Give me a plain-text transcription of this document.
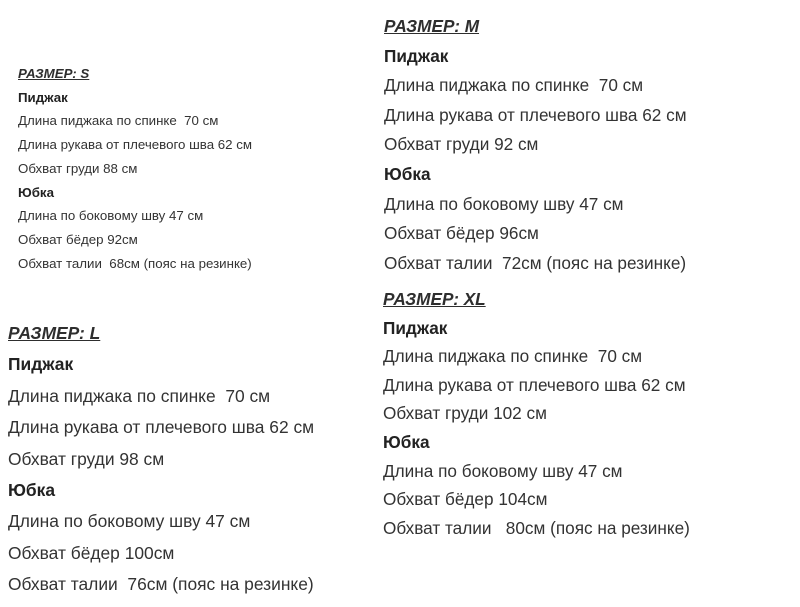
РАЗМЕР: S
Пиджак
Длина пиджака по спинке  70 см
Длина рукава от плечевого шва 62 см
Обхват груди 88 см
Юбка
Длина по боковому шву 47 см
Обхват бёдер 92см
Обхват талии  68см (пояс на резинке)
РАЗМЕР: М
Пиджак
Длина пиджака по спинке  70 см
Длина рукава от плечевого шва 62 см
Обхват груди 92 см
Юбка
Длина по боковому шву 47 см
Обхват бёдер 96см
Обхват талии  72см (пояс на резинке)
РАЗМЕР: L
Пиджак
Длина пиджака по спинке  70 см
Длина рукава от плечевого шва 62 см
Обхват груди 98 см
Юбка
Длина по боковому шву 47 см
Обхват бёдер 100см
Обхват талии  76см (пояс на резинке)
РАЗМЕР: XL
Пиджак
Длина пиджака по спинке  70 см
Длина рукава от плечевого шва 62 см
Обхват груди 102 см
Юбка
Длина по боковому шву 47 см
Обхват бёдер 104см
Обхват талии   80см (пояс на резинке)
